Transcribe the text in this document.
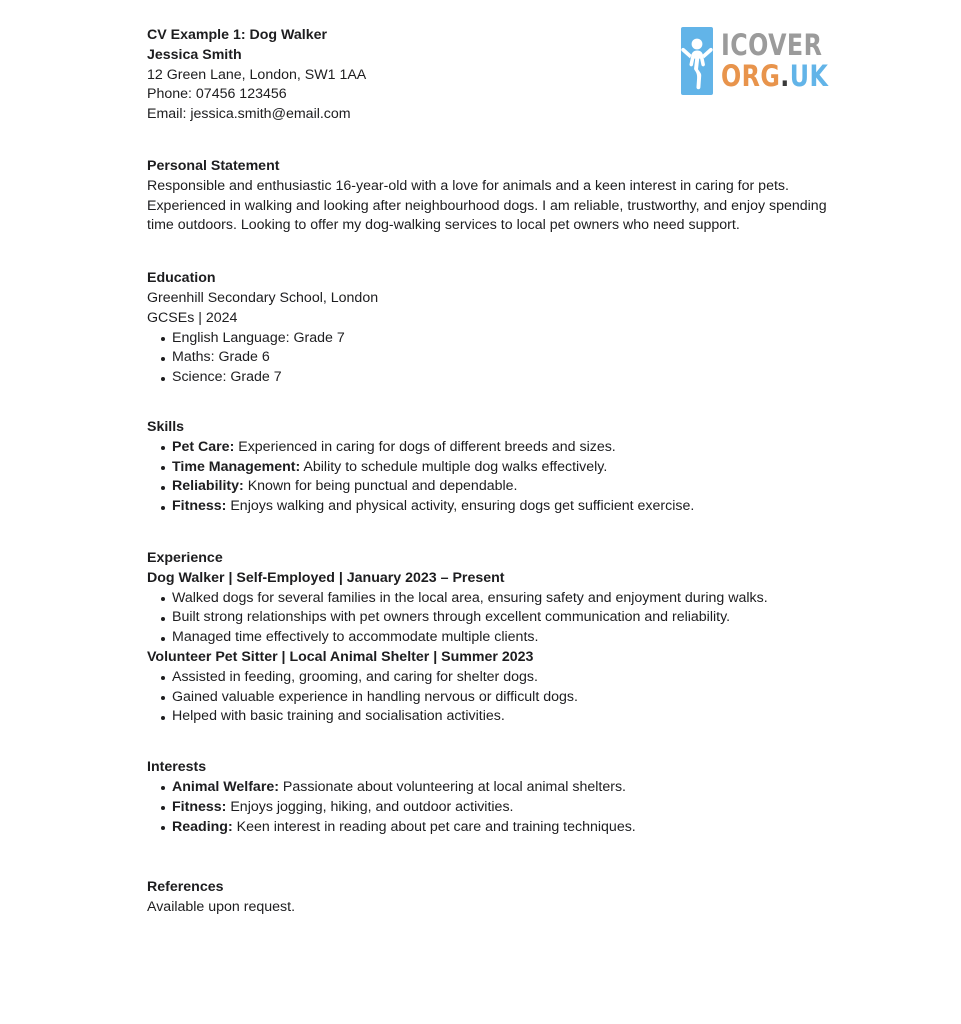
ICOVER
ORG.UK
CV Example 1: Dog Walker
Jessica Smith
12 Green Lane, London, SW1 1AA
Phone: 07456 123456
Email: jessica.smith@email.com
Personal Statement

Responsible and enthusiastic 16-year-old with a love for animals and a keen interest in caring for pets. Experienced in walking and looking after neighbourhood dogs. I am reliable, trustworthy, and enjoy spending time outdoors. Looking to offer my dog-walking services to local pet owners who need support.

Education
Greenhill Secondary School, London
GCSEs | 2024
English Language: Grade 7
Maths: Grade 6
Science: Grade 7
Skills
Pet Care: Experienced in caring for dogs of different breeds and sizes.
Time Management: Ability to schedule multiple dog walks effectively.
Reliability: Known for being punctual and dependable.
Fitness: Enjoys walking and physical activity, ensuring dogs get sufficient exercise.
Experience
Dog Walker | Self-Employed | January 2023 – Present
Walked dogs for several families in the local area, ensuring safety and enjoyment during walks.
Built strong relationships with pet owners through excellent communication and reliability.
Managed time effectively to accommodate multiple clients.
Volunteer Pet Sitter | Local Animal Shelter | Summer 2023
Assisted in feeding, grooming, and caring for shelter dogs.
Gained valuable experience in handling nervous or difficult dogs.
Helped with basic training and socialisation activities.
Interests
Animal Welfare: Passionate about volunteering at local animal shelters.
Fitness: Enjoys jogging, hiking, and outdoor activities.
Reading: Keen interest in reading about pet care and training techniques.
References
Available upon request.
